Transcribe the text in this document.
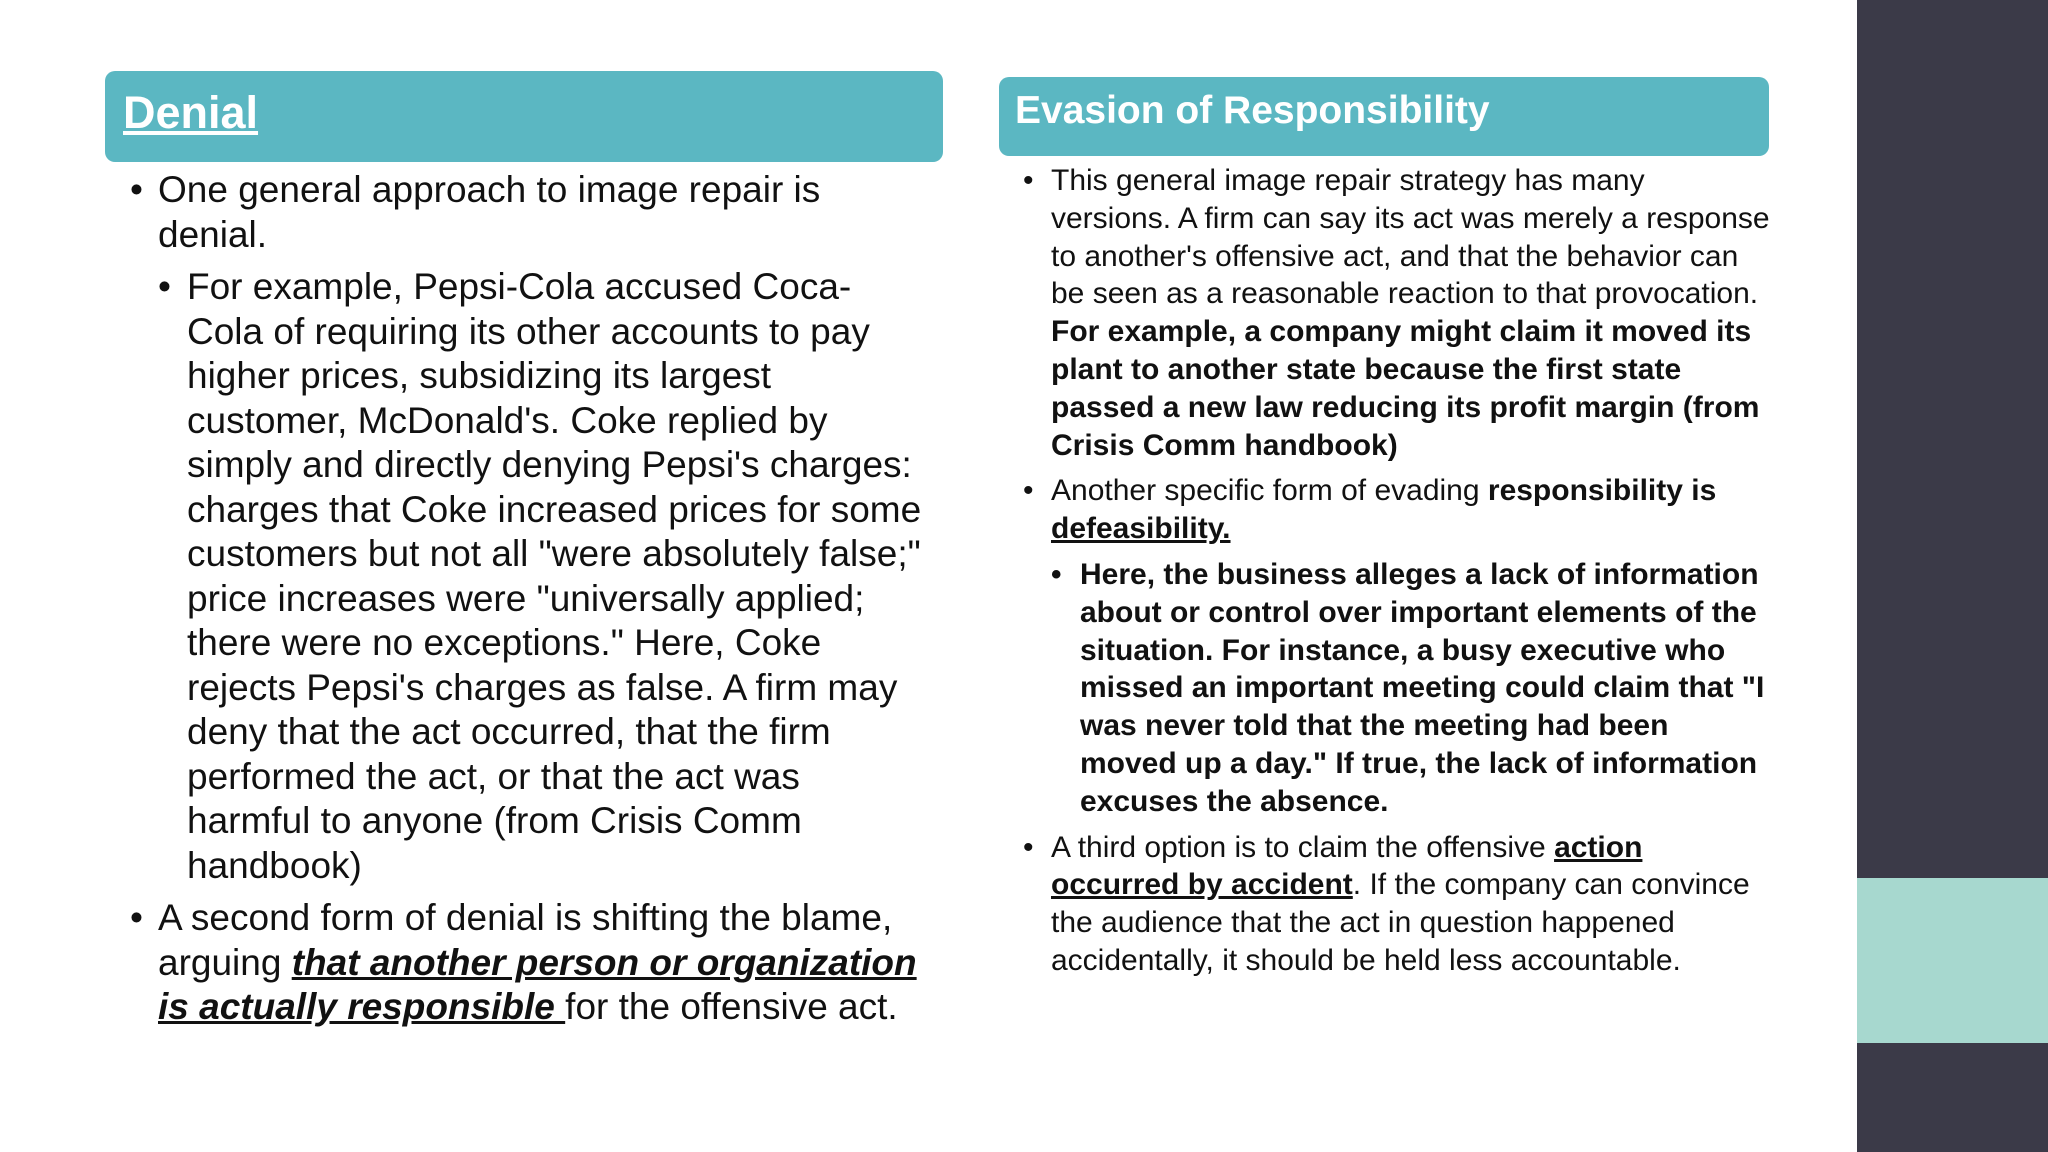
Denial
• One general approach to image repair is denial.
• For example, Pepsi-Cola accused Coca-Cola of requiring its other accounts to pay higher prices, subsidizing its largest customer, McDonald's. Coke replied by simply and directly denying Pepsi's charges: charges that Coke increased prices for some customers but not all "were absolutely false;" price increases were "universally applied; there were no exceptions." Here, Coke rejects Pepsi's charges as false. A firm may deny that the act occurred, that the firm performed the act, or that the act was harmful to anyone (from Crisis Comm handbook)
• A second form of denial is shifting the blame, arguing that another person or organization is actually responsible for the offensive act.
Evasion of Responsibility
• This general image repair strategy has many versions. A firm can say its act was merely a response to another's offensive act, and that the behavior can be seen as a reasonable reaction to that provocation. For example, a company might claim it moved its plant to another state because the first state passed a new law reducing its profit margin (from Crisis Comm handbook)
• Another specific form of evading responsibility is defeasibility.
• Here, the business alleges a lack of information about or control over important elements of the situation. For instance, a busy executive who missed an important meeting could claim that "I was never told that the meeting had been moved up a day." If true, the lack of information excuses the absence.
• A third option is to claim the offensive action occurred by accident. If the company can convince the audience that the act in question happened accidentally, it should be held less accountable.
